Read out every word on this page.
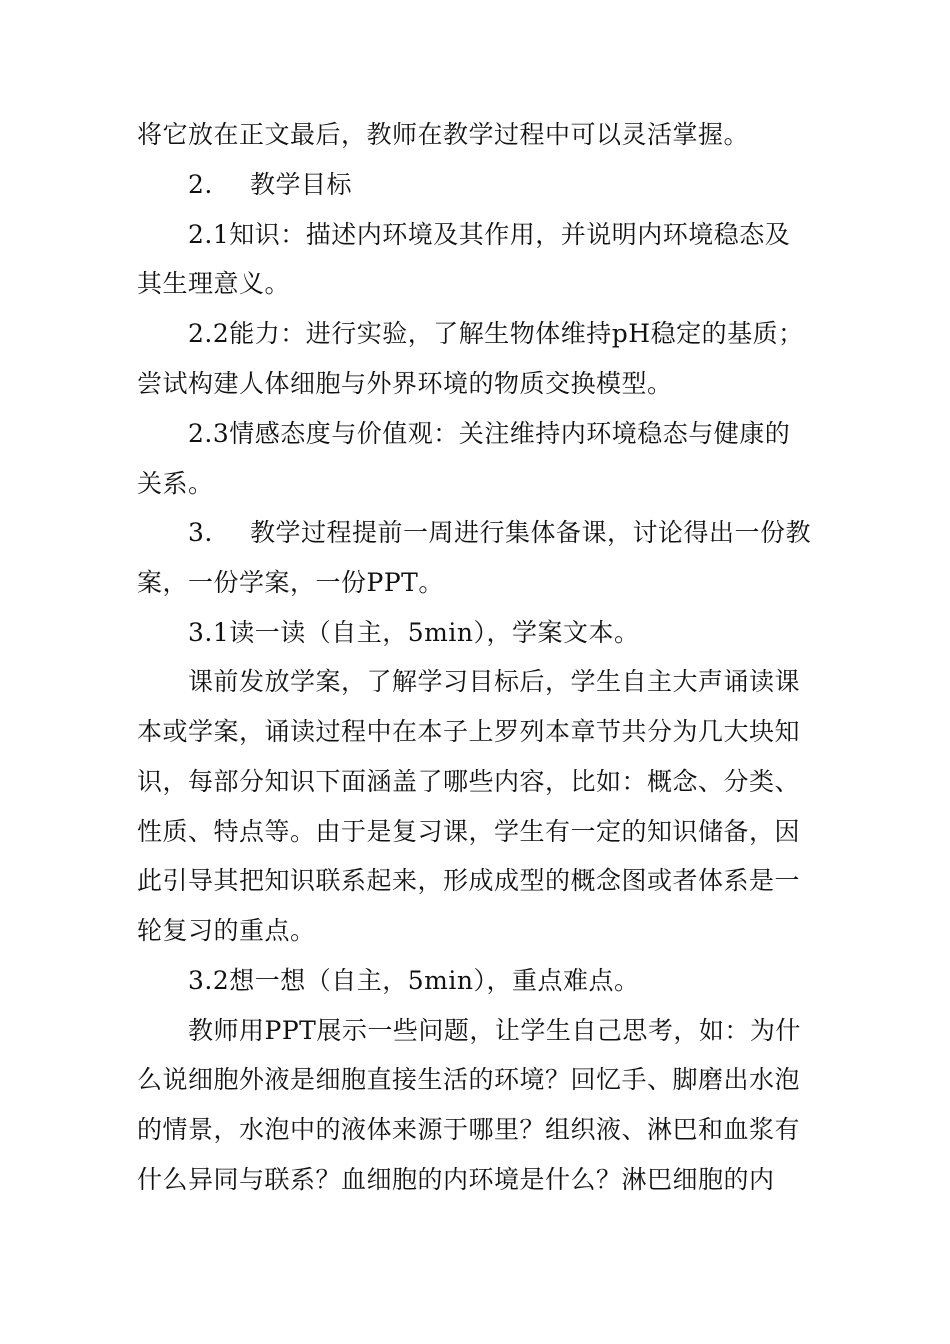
将它放在正文最后，教师在教学过程中可以灵活掌握。
2. 教学目标
2.1知识：描述内环境及其作用，并说明内环境稳态及
其生理意义。
2.2能力：进行实验，了解生物体维持pH稳定的基质；
尝试构建人体细胞与外界环境的物质交换模型。
2.3情感态度与价值观：关注维持内环境稳态与健康的
关系。
3. 教学过程提前一周进行集体备课，讨论得出一份教
案，一份学案，一份PPT。
3.1读一读（自主，5min），学案文本。
课前发放学案，了解学习目标后，学生自主大声诵读课
本或学案，诵读过程中在本子上罗列本章节共分为几大块知
识，每部分知识下面涵盖了哪些内容，比如：概念、分类、
性质、特点等。由于是复习课，学生有一定的知识储备，因
此引导其把知识联系起来，形成成型的概念图或者体系是一
轮复习的重点。
3.2想一想（自主，5min），重点难点。
教师用PPT展示一些问题，让学生自己思考，如：为什
么说细胞外液是细胞直接生活的环境？回忆手、脚磨出水泡
的情景，水泡中的液体来源于哪里？组织液、淋巴和血浆有
什么异同与联系？血细胞的内环境是什么？淋巴细胞的内
